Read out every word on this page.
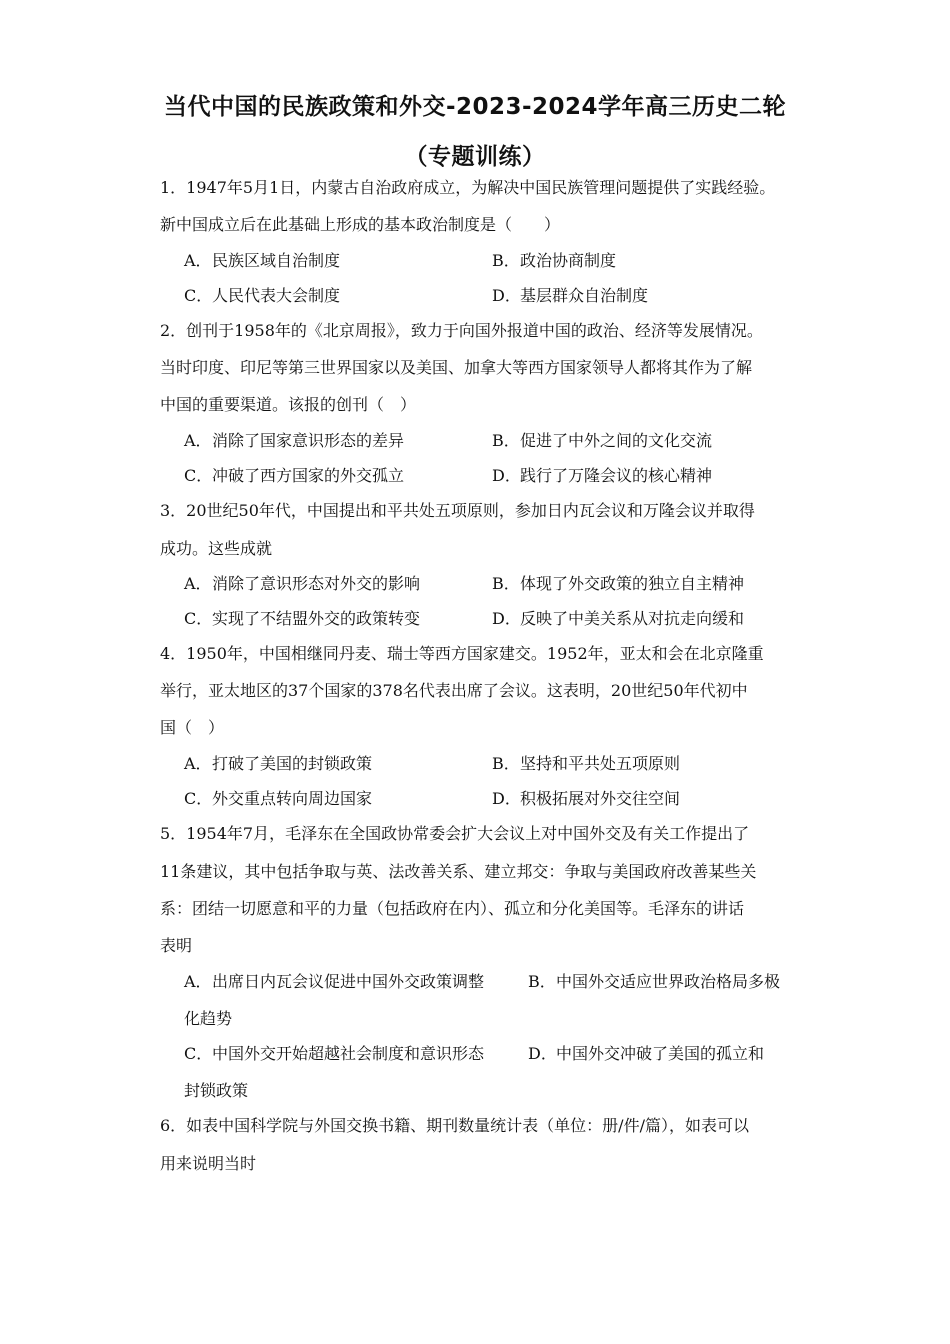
当代中国的民族政策和外交-2023-2024学年高三历史二轮
（专题训练）
1．1947年5月1日，内蒙古自治政府成立，为解决中国民族管理问题提供了实践经验。
新中国成立后在此基础上形成的基本政治制度是（　　）
A．民族区域自治制度	B．政治协商制度
C．人民代表大会制度	D．基层群众自治制度
2．创刊于1958年的《北京周报》，致力于向国外报道中国的政治、经济等发展情况。
当时印度、印尼等第三世界国家以及美国、加拿大等西方国家领导人都将其作为了解
中国的重要渠道。该报的创刊（　）
A．消除了国家意识形态的差异	B．促进了中外之间的文化交流
C．冲破了西方国家的外交孤立	D．践行了万隆会议的核心精神
3．20世纪50年代，中国提出和平共处五项原则，参加日内瓦会议和万隆会议并取得
成功。这些成就
A．消除了意识形态对外交的影响	B．体现了外交政策的独立自主精神
C．实现了不结盟外交的政策转变	D．反映了中美关系从对抗走向缓和
4．1950年，中国相继同丹麦、瑞士等西方国家建交。1952年，亚太和会在北京隆重
举行，亚太地区的37个国家的378名代表出席了会议。这表明，20世纪50年代初中
国（　）
A．打破了美国的封锁政策	B．坚持和平共处五项原则
C．外交重点转向周边国家	D．积极拓展对外交往空间
5．1954年7月，毛泽东在全国政协常委会扩大会议上对中国外交及有关工作提出了
11条建议，其中包括争取与英、法改善关系、建立邦交：争取与美国政府改善某些关
系：团结一切愿意和平的力量（包括政府在内）、孤立和分化美国等。毛泽东的讲话
表明
A．出席日内瓦会议促进中国外交政策调整	B．中国外交适应世界政治格局多极
化趋势
C．中国外交开始超越社会制度和意识形态	D．中国外交冲破了美国的孤立和
封锁政策
6．如表中国科学院与外国交换书籍、期刊数量统计表（单位：册/件/篇），如表可以
用来说明当时
